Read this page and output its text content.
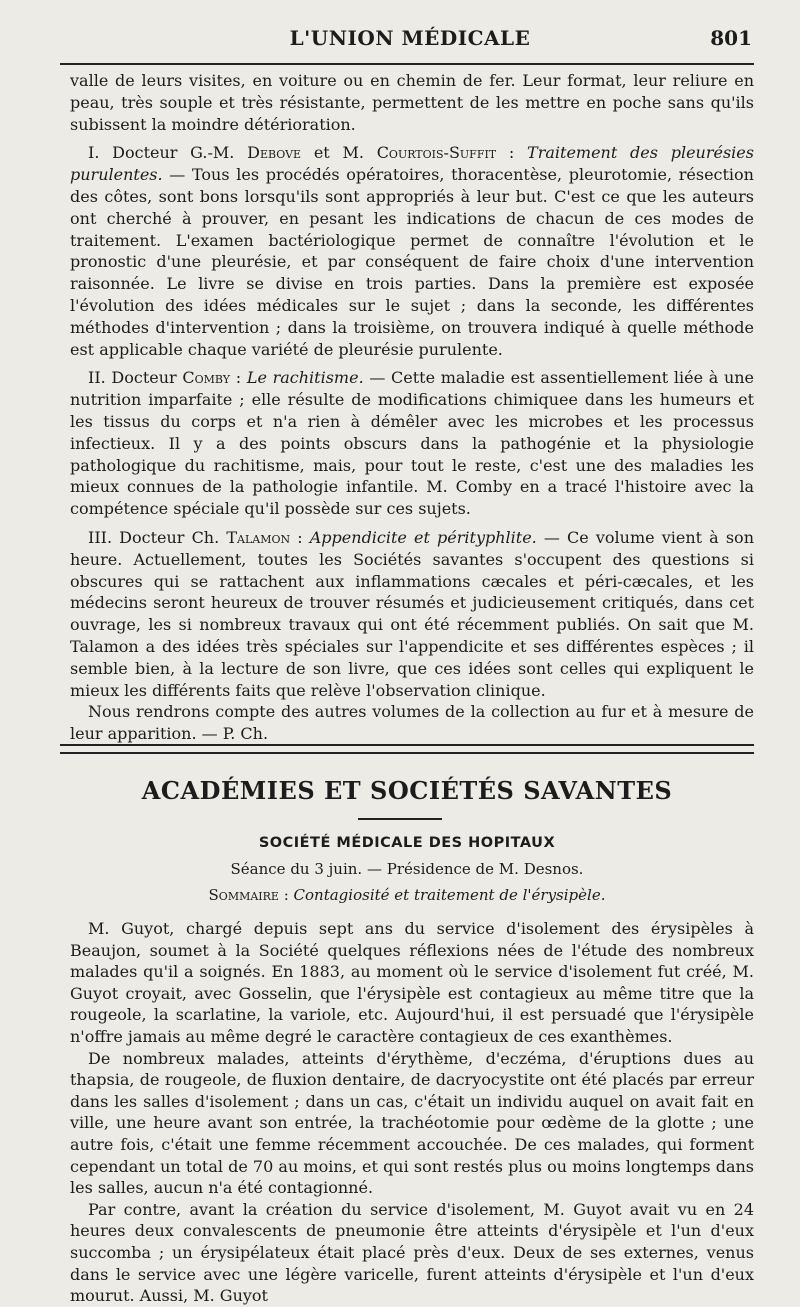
L'UNION MÉDICALE	801

valle de leurs visites, en voiture ou en chemin de fer. Leur format, leur reliure en peau, très souple et très résistante, permettent de les mettre en poche sans qu'ils subissent la moindre détérioration.

I. Docteur G.-M. Debove et M. Courtois-Suffit : Traitement des pleurésies purulentes. — Tous les procédés opératoires, thoracentèse, pleurotomie, résection des côtes, sont bons lorsqu'ils sont appropriés à leur but. C'est ce que les auteurs ont cherché à prouver, en pesant les indications de chacun de ces modes de traitement. L'examen bactériologique permet de connaître l'évolution et le pronostic d'une pleurésie, et par conséquent de faire choix d'une intervention raisonnée. Le livre se divise en trois parties. Dans la première est exposée l'évolution des idées médicales sur le sujet ; dans la seconde, les différentes méthodes d'intervention ; dans la troisième, on trouvera indiqué à quelle méthode est applicable chaque variété de pleurésie purulente.

II. Docteur Comby : Le rachitisme. — Cette maladie est assentiellement liée à une nutrition imparfaite ; elle résulte de modifications chimiquee dans les humeurs et les tissus du corps et n'a rien à démêler avec les microbes et les processus infectieux. Il y a des points obscurs dans la pathogénie et la physiologie pathologique du rachitisme, mais, pour tout le reste, c'est une des maladies les mieux connues de la pathologie infantile. M. Comby en a tracé l'histoire avec la compétence spéciale qu'il possède sur ces sujets.

III. Docteur Ch. Talamon : Appendicite et pérityphlite. — Ce volume vient à son heure. Actuellement, toutes les Sociétés savantes s'occupent des questions si obscures qui se rattachent aux inflammations cæcales et péri-cæcales, et les médecins seront heureux de trouver résumés et judicieusement critiqués, dans cet ouvrage, les si nombreux travaux qui ont été récemment publiés. On sait que M. Talamon a des idées très spéciales sur l'appendicite et ses différentes espèces ; il semble bien, à la lecture de son livre, que ces idées sont celles qui expliquent le mieux les différents faits que relève l'observation clinique.

Nous rendrons compte des autres volumes de la collection au fur et à mesure de leur apparition. — P. Ch.

ACADÉMIES ET SOCIÉTÉS SAVANTES
SOCIÉTÉ MÉDICALE DES HOPITAUX
Séance du 3 juin. — Présidence de M. Desnos.
Sommaire : Contagiosité et traitement de l'érysipèle.

M. Guyot, chargé depuis sept ans du service d'isolement des érysipèles à Beaujon, soumet à la Société quelques réflexions nées de l'étude des nombreux malades qu'il a soignés. En 1883, au moment où le service d'isolement fut créé, M. Guyot croyait, avec Gosselin, que l'érysipèle est contagieux au même titre que la rougeole, la scarlatine, la variole, etc. Aujourd'hui, il est persuadé que l'érysipèle n'offre jamais au même degré le caractère contagieux de ces exanthèmes.

De nombreux malades, atteints d'érythème, d'eczéma, d'éruptions dues au thapsia, de rougeole, de fluxion dentaire, de dacryocystite ont été placés par erreur dans les salles d'isolement ; dans un cas, c'était un individu auquel on avait fait en ville, une heure avant son entrée, la trachéotomie pour œdème de la glotte ; une autre fois, c'était une femme récemment accouchée. De ces malades, qui forment cependant un total de 70 au moins, et qui sont restés plus ou moins longtemps dans les salles, aucun n'a été contagionné.

Par contre, avant la création du service d'isolement, M. Guyot avait vu en 24 heures deux convalescents de pneumonie être atteints d'érysipèle et l'un d'eux succomba ; un érysipélateux était placé près d'eux. Deux de ses externes, venus dans le service avec une légère varicelle, furent atteints d'érysipèle et l'un d'eux mourut. Aussi, M. Guyot
